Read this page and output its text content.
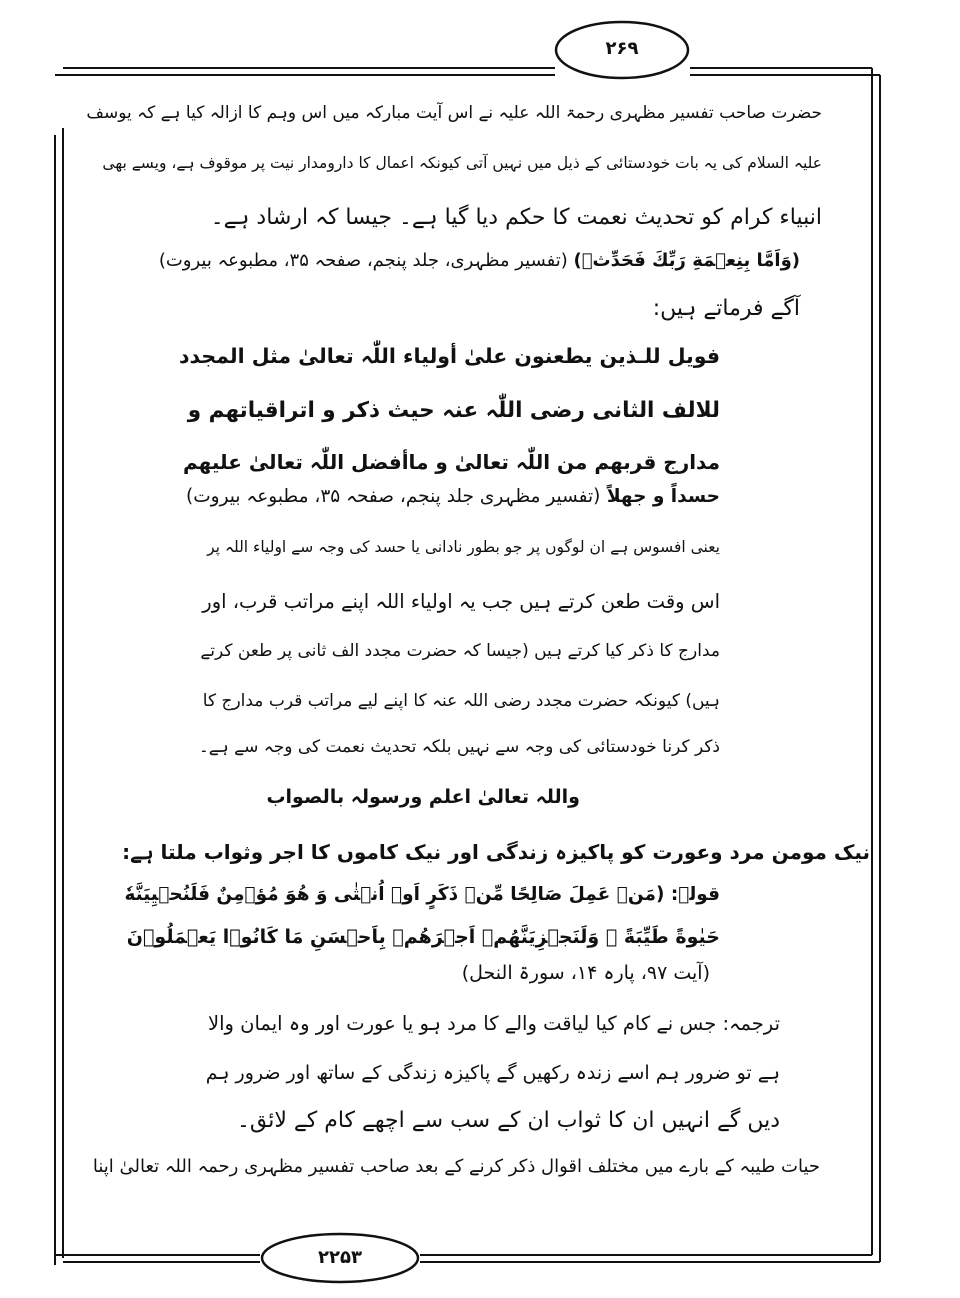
۲۶۹
حضرت صاحب تفسیر مظہری رحمۃ اللہ علیہ نے اس آیت مبارکہ میں اس وہم کا ازالہ کیا ہے کہ یوسف
علیہ السلام کی یہ بات خودستائی کے ذیل میں نہیں آتی کیونکہ اعمال کا دارومدار نیت پر موقوف ہے، ویسے بھی
انبیاء کرام کو تحدیث نعمت کا حکم دیا گیا ہے۔ جیسا کہ ارشاد ہے۔
(وَاَمَّا بِنِعۡمَةِ رَبِّكَ فَحَدِّثۡ) (تفسیر مظہری، جلد پنجم، صفحہ ۳۵، مطبوعہ بیروت)
آگے فرماتے ہیں:
فویل للـذین یطعنون علیٰ أولیاء اللّٰہ تعالیٰ مثل المجدد
للالف الثانی رضی اللّٰہ عنہ حیث ذکر و اتراقیاتھم و
مدارج قربھم من اللّٰہ تعالیٰ و ماأفضل اللّٰہ تعالیٰ علیھم
حسداً و جهلاً (تفسیر مظہری جلد پنجم، صفحہ ۳۵، مطبوعہ بیروت)
یعنی افسوس ہے ان لوگوں پر جو بطور نادانی یا حسد کی وجہ سے اولیاء اللہ پر
اس وقت طعن کرتے ہیں جب یہ اولیاء اللہ اپنے مراتب قرب، اور
مدارج کا ذکر کیا کرتے ہیں (جیسا کہ حضرت مجدد الف ثانی پر طعن کرتے
ہیں) کیونکہ حضرت مجدد رضی اللہ عنہ کا اپنے لیے مراتب قرب مدارج کا
ذکر کرنا خودستائی کی وجہ سے نہیں بلکہ تحدیث نعمت کی وجہ سے ہے۔
واللہ تعالیٰ اعلم ورسولہ بالصواب
نیک مومن مرد وعورت کو پاکیزہ زندگی اور نیک کاموں کا اجر وثواب ملتا ہے:
قولہ: (مَنۡ عَمِلَ صَالِحًا مِّنۡ ذَكَرٍ اَوۡ اُنۡثٰى وَ هُوَ مُؤۡمِنٌ فَلَنُحۡيِيَنَّهٗ
حَيٰوةً طَيِّبَةً ۚ وَلَنَجۡزِيَنَّهُمۡ اَجۡرَهُمۡ بِاَحۡسَنِ مَا كَانُوۡا يَعۡمَلُوۡنَ
(آیت ۹۷، پارہ ۱۴، سورۃ النحل)
ترجمہ: جس نے کام کیا لیاقت والے کا مرد ہو یا عورت اور وہ ایمان والا
ہے تو ضرور ہم اسے زندہ رکھیں گے پاکیزہ زندگی کے ساتھ اور ضرور ہم
دیں گے انہیں ان کا ثواب ان کے سب سے اچھے کام کے لائق۔
حیات طیبہ کے بارے میں مختلف اقوال ذکر کرنے کے بعد صاحب تفسیر مظہری رحمہ اللہ تعالیٰ اپنا
۲۲۵۳
